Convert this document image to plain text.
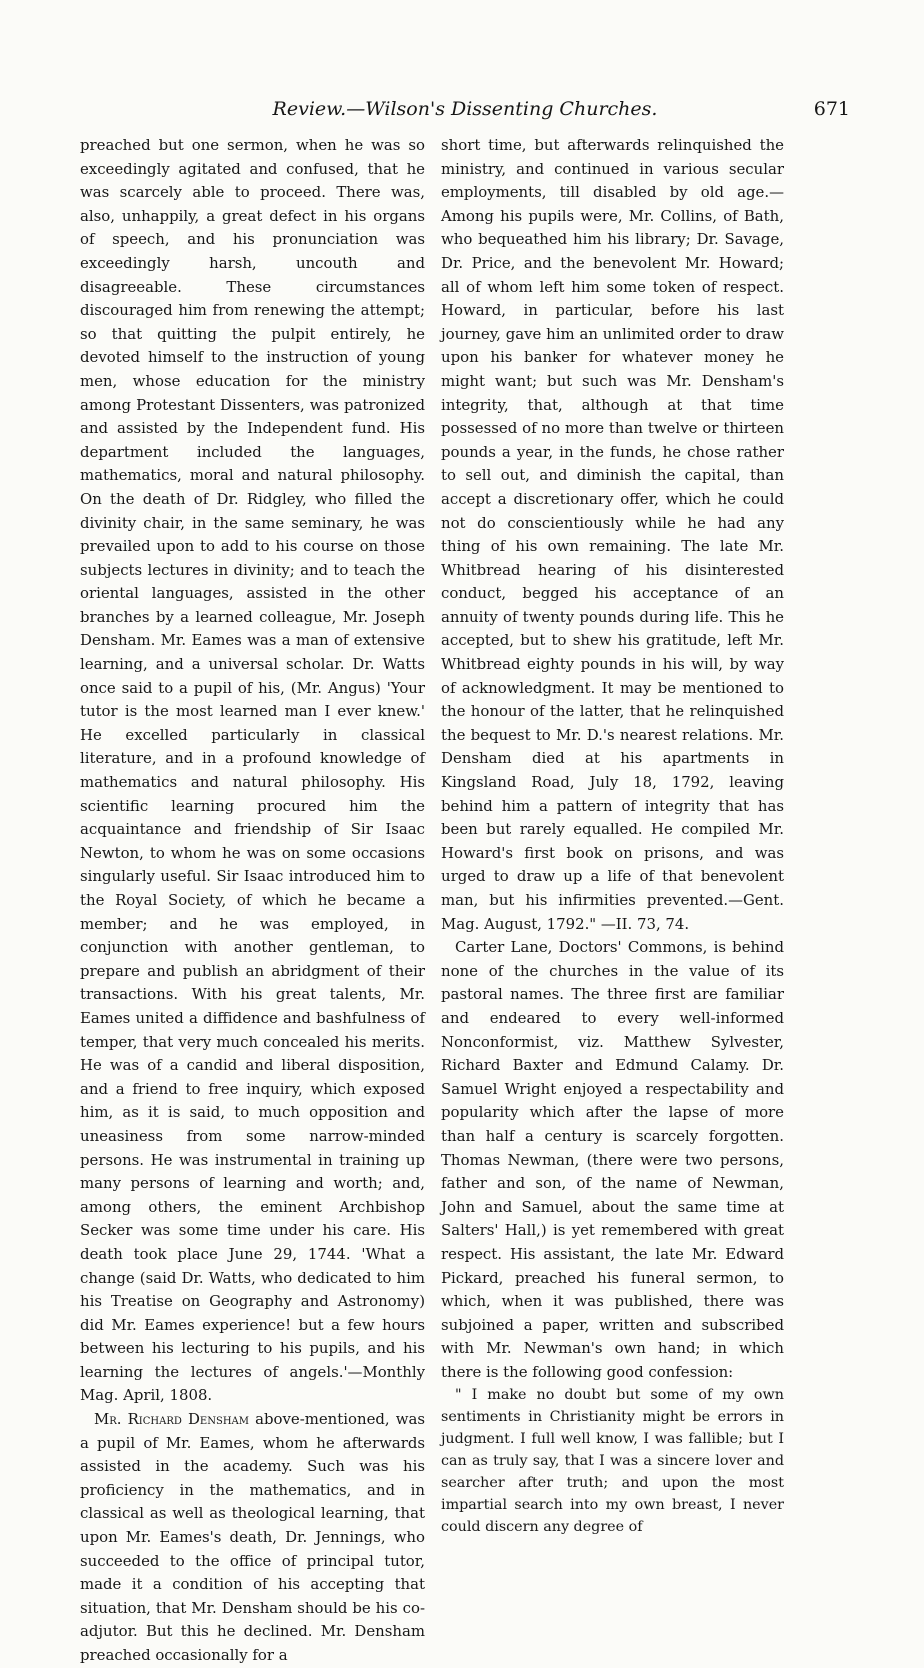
Review.—Wilson's Dissenting Churches.	671

preached but one sermon, when he was so exceedingly agitated and confused, that he was scarcely able to proceed. There was, also, unhappily, a great defect in his organs of speech, and his pronunciation was exceedingly harsh, uncouth and disagreeable. These circumstances discouraged him from renewing the attempt; so that quitting the pulpit entirely, he devoted himself to the instruction of young men, whose education for the ministry among Protestant Dissenters, was patronized and assisted by the Independent fund. His department included the languages, mathematics, moral and natural philosophy. On the death of Dr. Ridgley, who filled the divinity chair, in the same seminary, he was prevailed upon to add to his course on those subjects lectures in divinity; and to teach the oriental languages, assisted in the other branches by a learned colleague, Mr. Joseph Densham. Mr. Eames was a man of extensive learning, and a universal scholar. Dr. Watts once said to a pupil of his, (Mr. Angus) 'Your tutor is the most learned man I ever knew.' He excelled particularly in classical literature, and in a profound knowledge of mathematics and natural philosophy. His scientific learning procured him the acquaintance and friendship of Sir Isaac Newton, to whom he was on some occasions singularly useful. Sir Isaac introduced him to the Royal Society, of which he became a member; and he was employed, in conjunction with another gentleman, to prepare and publish an abridgment of their transactions. With his great talents, Mr. Eames united a diffidence and bashfulness of temper, that very much concealed his merits. He was of a candid and liberal disposition, and a friend to free inquiry, which exposed him, as it is said, to much opposition and uneasiness from some narrow-minded persons. He was instrumental in training up many persons of learning and worth; and, among others, the eminent Archbishop Secker was some time under his care. His death took place June 29, 1744. 'What a change (said Dr. Watts, who dedicated to him his Treatise on Geography and Astronomy) did Mr. Eames experience! but a few hours between his lecturing to his pupils, and his learning the lectures of angels.'—Monthly Mag. April, 1808.

Mr. Richard Densham above-mentioned, was a pupil of Mr. Eames, whom he afterwards assisted in the academy. Such was his proficiency in the mathematics, and in classical as well as theological learning, that upon Mr. Eames's death, Dr. Jennings, who succeeded to the office of principal tutor, made it a condition of his accepting that situation, that Mr. Densham should be his co-adjutor. But this he declined. Mr. Densham preached occasionally for a

short time, but afterwards relinquished the ministry, and continued in various secular employments, till disabled by old age.— Among his pupils were, Mr. Collins, of Bath, who bequeathed him his library; Dr. Savage, Dr. Price, and the benevolent Mr. Howard; all of whom left him some token of respect. Howard, in particular, before his last journey, gave him an unlimited order to draw upon his banker for whatever money he might want; but such was Mr. Densham's integrity, that, although at that time possessed of no more than twelve or thirteen pounds a year, in the funds, he chose rather to sell out, and diminish the capital, than accept a discretionary offer, which he could not do conscientiously while he had any thing of his own remaining. The late Mr. Whitbread hearing of his disinterested conduct, begged his acceptance of an annuity of twenty pounds during life. This he accepted, but to shew his gratitude, left Mr. Whitbread eighty pounds in his will, by way of acknowledgment. It may be mentioned to the honour of the latter, that he relinquished the bequest to Mr. D.'s nearest relations. Mr. Densham died at his apartments in Kingsland Road, July 18, 1792, leaving behind him a pattern of integrity that has been but rarely equalled. He compiled Mr. Howard's first book on prisons, and was urged to draw up a life of that benevolent man, but his infirmities prevented.—Gent. Mag. August, 1792." —II. 73, 74.

Carter Lane, Doctors' Commons, is behind none of the churches in the value of its pastoral names. The three first are familiar and endeared to every well-informed Nonconformist, viz. Matthew Sylvester, Richard Baxter and Edmund Calamy. Dr. Samuel Wright enjoyed a respectability and popularity which after the lapse of more than half a century is scarcely forgotten. Thomas Newman, (there were two persons, father and son, of the name of Newman, John and Samuel, about the same time at Salters' Hall,) is yet remembered with great respect. His assistant, the late Mr. Edward Pickard, preached his funeral sermon, to which, when it was published, there was subjoined a paper, written and subscribed with Mr. Newman's own hand; in which there is the following good confession:

" I make no doubt but some of my own sentiments in Christianity might be errors in judgment. I full well know, I was fallible; but I can as truly say, that I was a sincere lover and searcher after truth; and upon the most impartial search into my own breast, I never could discern any degree of
